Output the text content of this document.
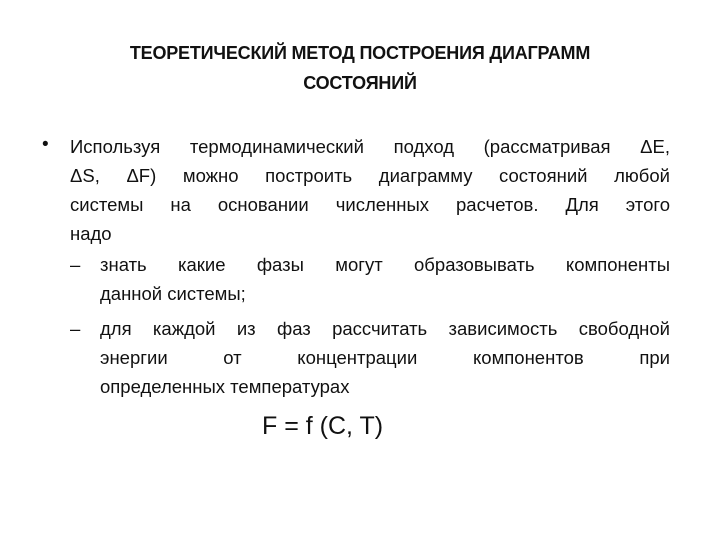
ТЕОРЕТИЧЕСКИЙ МЕТОД ПОСТРОЕНИЯ ДИАГРАММ
СОСТОЯНИЙ
• Используя термодинамический подход (рассматривая ΔЕ,
ΔS, ΔF) можно построить диаграмму состояний любой
системы на основании численных расчетов. Для этого
надо
– знать какие фазы могут образовывать компоненты
данной системы;
– для каждой из фаз рассчитать зависимость свободной
энергии от концентрации компонентов при
определенных температурах
F = f (C, T)
